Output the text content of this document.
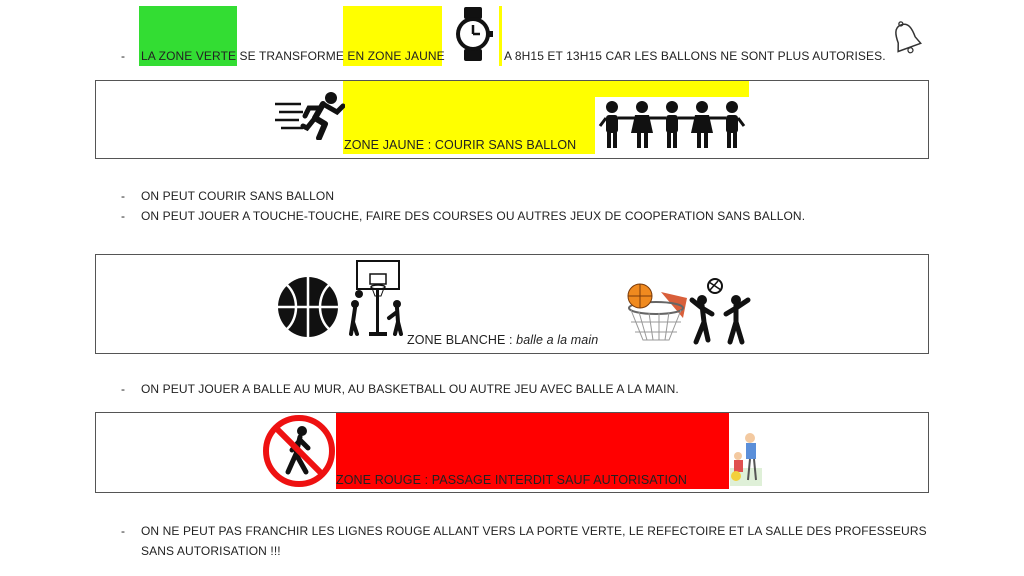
- LA ZONE VERTE SE TRANSFORME EN ZONE JAUNE	A 8H15 ET 13H15 CAR LES BALLONS NE SONT PLUS AUTORISES.
ZONE JAUNE : COURIR SANS BALLON
- ON PEUT COURIR SANS BALLON
- ON PEUT JOUER A TOUCHE-TOUCHE, FAIRE DES COURSES OU AUTRES JEUX DE COOPERATION SANS BALLON.
ZONE BLANCHE : balle a la main
- ON PEUT JOUER A BALLE AU MUR, AU BASKETBALL OU AUTRE JEU AVEC BALLE A LA MAIN.
ZONE ROUGE : PASSAGE INTERDIT SAUF AUTORISATION
- ON NE PEUT PAS FRANCHIR LES LIGNES ROUGE ALLANT VERS LA PORTE VERTE, LE REFECTOIRE ET LA SALLE DES PROFESSEURS
SANS AUTORISATION !!!
